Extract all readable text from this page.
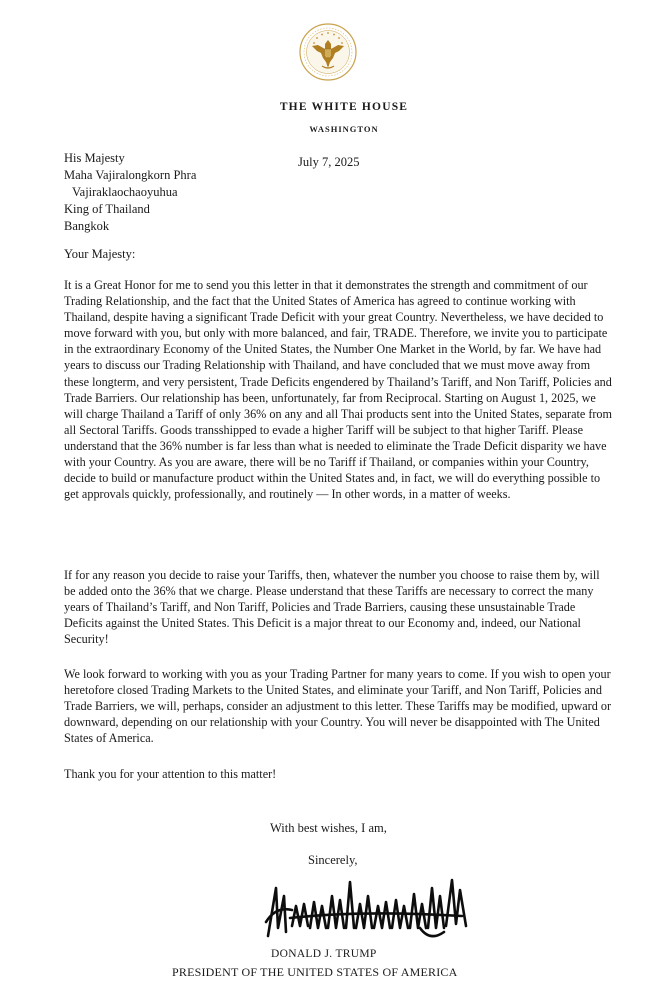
THE WHITE HOUSE
WASHINGTON
His Majesty
Maha Vajiralongkorn Phra
Vajiraklaochaoyuhua
King of Thailand
Bangkok
July 7, 2025
Your Majesty:
It is a Great Honor for me to send you this letter in that it demonstrates the strength and commitment of our Trading Relationship, and the fact that the United States of America has agreed to continue working with Thailand, despite having a significant Trade Deficit with your great Country. Nevertheless, we have decided to move forward with you, but only with more balanced, and fair, TRADE. Therefore, we invite you to participate in the extraordinary Economy of the United States, the Number One Market in the World, by far. We have had years to discuss our Trading Relationship with Thailand, and have concluded that we must move away from these longterm, and very persistent, Trade Deficits engendered by Thailand’s Tariff, and Non Tariff, Policies and Trade Barriers. Our relationship has been, unfortunately, far from Reciprocal. Starting on August 1, 2025, we will charge Thailand a Tariff of only 36% on any and all Thai products sent into the United States, separate from all Sectoral Tariffs. Goods transshipped to evade a higher Tariff will be subject to that higher Tariff. Please understand that the 36% number is far less than what is needed to eliminate the Trade Deficit disparity we have with your Country. As you are aware, there will be no Tariff if Thailand, or companies within your Country, decide to build or manufacture product within the United States and, in fact, we will do everything possible to get approvals quickly, professionally, and routinely — In other words, in a matter of weeks.
If for any reason you decide to raise your Tariffs, then, whatever the number you choose to raise them by, will be added onto the 36% that we charge. Please understand that these Tariffs are necessary to correct the many years of Thailand’s Tariff, and Non Tariff, Policies and Trade Barriers, causing these unsustainable Trade Deficits against the United States. This Deficit is a major threat to our Economy and, indeed, our National Security!
We look forward to working with you as your Trading Partner for many years to come. If you wish to open your heretofore closed Trading Markets to the United States, and eliminate your Tariff, and Non Tariff, Policies and Trade Barriers, we will, perhaps, consider an adjustment to this letter. These Tariffs may be modified, upward or downward, depending on our relationship with your Country. You will never be disappointed with The United States of America.
Thank you for your attention to this matter!
With best wishes, I am,
Sincerely,
DONALD J. TRUMP
PRESIDENT OF THE UNITED STATES OF AMERICA
